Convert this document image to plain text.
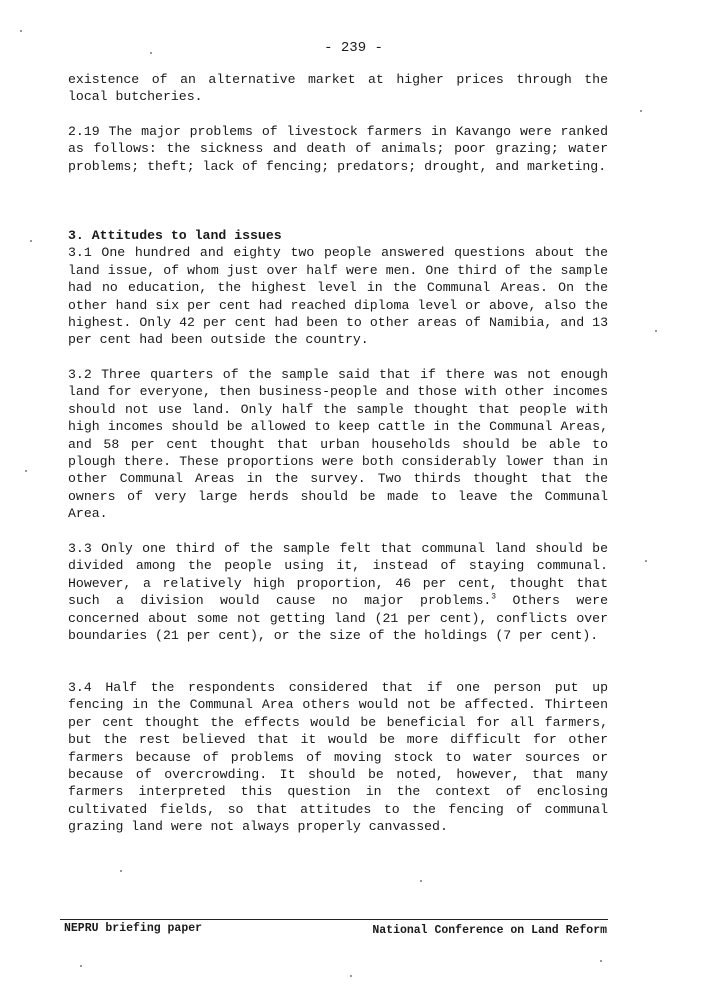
- 239 -

existence of an alternative market at higher prices through the local butcheries.

2.19 The major problems of livestock farmers in Kavango were ranked as follows: the sickness and death of animals; poor grazing; water problems; theft; lack of fencing; predators; drought, and marketing.

3. Attitudes to land issues

3.1 One hundred and eighty two people answered questions about the land issue, of whom just over half were men. One third of the sample had no education, the highest level in the Communal Areas. On the other hand six per cent had reached diploma level or above, also the highest. Only 42 per cent had been to other areas of Namibia, and 13 per cent had been outside the country.

3.2 Three quarters of the sample said that if there was not enough land for everyone, then business-people and those with other incomes should not use land. Only half the sample thought that people with high incomes should be allowed to keep cattle in the Communal Areas, and 58 per cent thought that urban households should be able to plough there. These proportions were both considerably lower than in other Communal Areas in the survey. Two thirds thought that the owners of very large herds should be made to leave the Communal Area.

3.3 Only one third of the sample felt that communal land should be divided among the people using it, instead of staying communal. However, a relatively high proportion, 46 per cent, thought that such a division would cause no major problems.$^3$ Others were concerned about some not getting land (21 per cent), conflicts over boundaries (21 per cent), or the size of the holdings (7 per cent).

3.4 Half the respondents considered that if one person put up fencing in the Communal Area others would not be affected. Thirteen per cent thought the effects would be beneficial for all farmers, but the rest believed that it would be more difficult for other farmers because of problems of moving stock to water sources or because of overcrowding. It should be noted, however, that many farmers interpreted this question in the context of enclosing cultivated fields, so that attitudes to the fencing of communal grazing land were not always properly canvassed.

NEPRU briefing paper	National Conference on Land Reform
